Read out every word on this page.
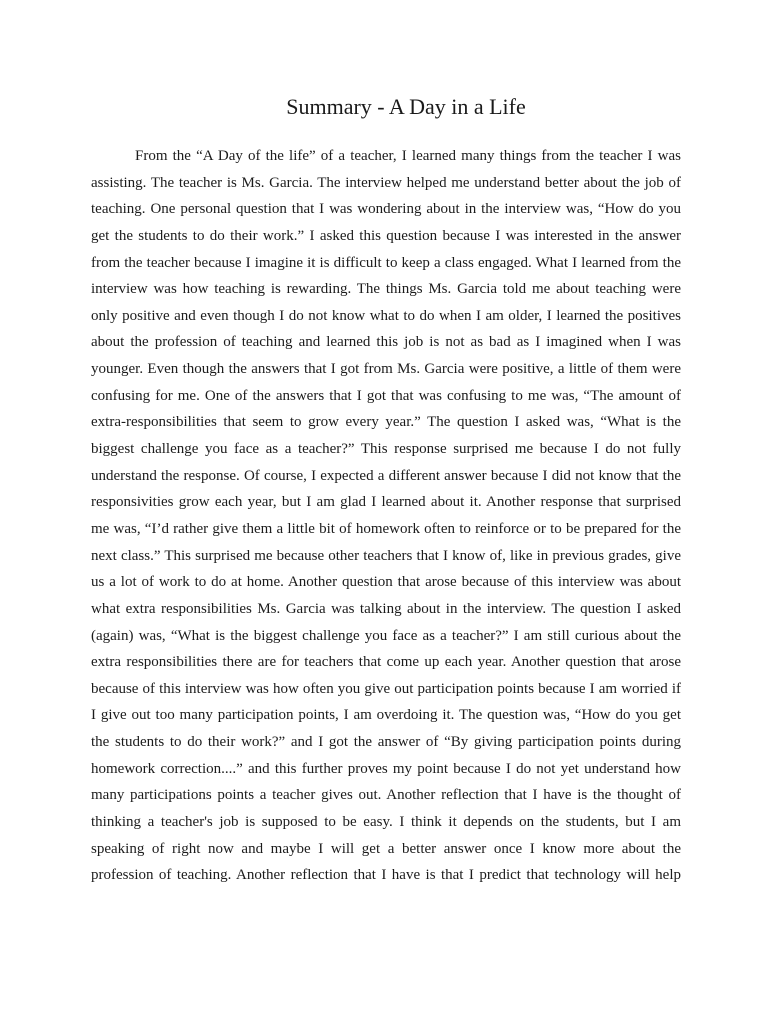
Summary - A Day in a Life
From the “A Day of the life” of a teacher, I learned many things from the teacher I was
assisting. The teacher is Ms. Garcia. The interview helped me understand better about the job of
teaching. One personal question that I was wondering about in the interview was, “How do you
get the students to do their work.” I asked this question because I was interested in the answer
from the teacher because I imagine it is difficult to keep a class engaged. What I learned from the
interview was how teaching is rewarding. The things Ms. Garcia told me about teaching were
only positive and even though I do not know what to do when I am older, I learned the positives
about the profession of teaching and learned this job is not as bad as I imagined when I was
younger. Even though the answers that I got from Ms. Garcia were positive, a little of them were
confusing for me. One of the answers that I got that was confusing to me was, “The amount of
extra-responsibilities that seem to grow every year.” The question I asked was, “What is the
biggest challenge you face as a teacher?” This response surprised me because I do not fully
understand the response. Of course, I expected a different answer because I did not know that the
responsivities grow each year, but I am glad I learned about it. Another response that surprised
me was, “I’d rather give them a little bit of homework often to reinforce or to be prepared for the
next class.” This surprised me because other teachers that I know of, like in previous grades, give
us a lot of work to do at home. Another question that arose because of this interview was about
what extra responsibilities Ms. Garcia was talking about in the interview. The question I asked
(again) was, “What is the biggest challenge you face as a teacher?” I am still curious about the
extra responsibilities there are for teachers that come up each year. Another question that arose
because of this interview was how often you give out participation points because I am worried if
I give out too many participation points, I am overdoing it. The question was, “How do you get
the students to do their work?” and I got the answer of “By giving participation points during
homework correction....” and this further proves my point because I do not yet understand how
many participations points a teacher gives out. Another reflection that I have is the thought of
thinking a teacher's job is supposed to be easy. I think it depends on the students, but I am
speaking of right now and maybe I will get a better answer once I know more about the
profession of teaching. Another reflection that I have is that I predict that technology will help
